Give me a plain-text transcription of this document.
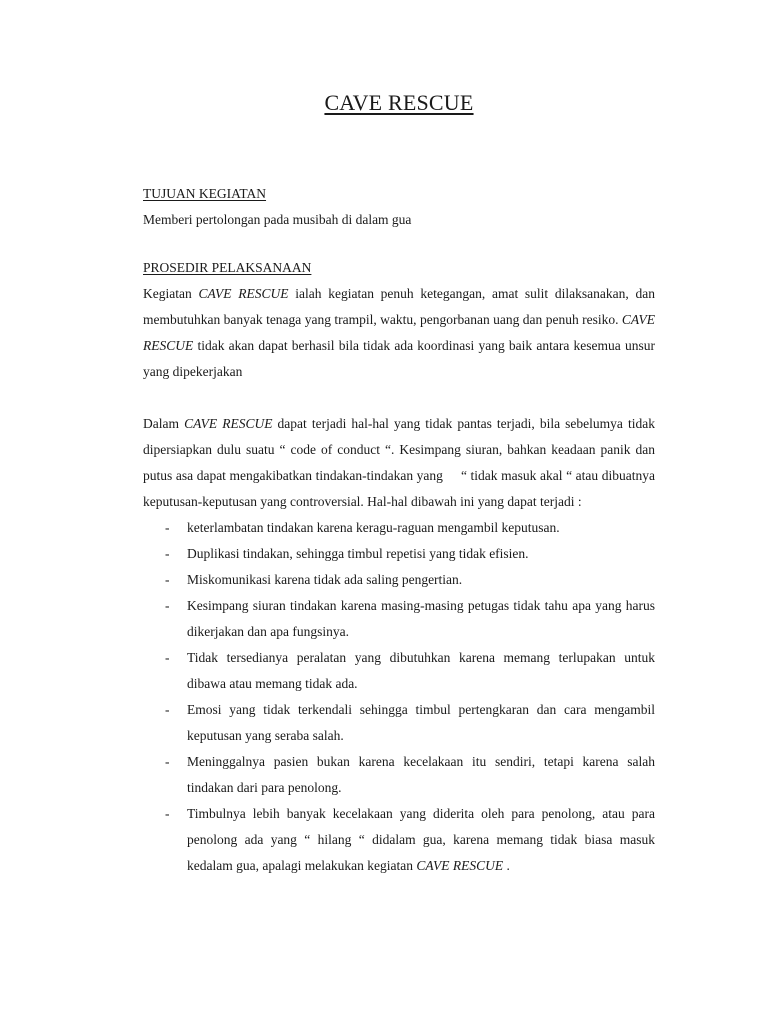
CAVE RESCUE

TUJUAN KEGIATAN

Memberi pertolongan pada musibah di dalam gua

PROSEDIR PELAKSANAAN

Kegiatan CAVE RESCUE ialah kegiatan penuh ketegangan, amat sulit dilaksanakan, dan membutuhkan banyak tenaga yang trampil, waktu, pengorbanan uang dan penuh resiko. CAVE RESCUE tidak akan dapat berhasil bila tidak ada koordinasi yang baik antara kesemua unsur yang dipekerjakan

Dalam CAVE RESCUE dapat terjadi hal-hal yang tidak pantas terjadi, bila sebelumya tidak dipersiapkan dulu suatu “ code of conduct “. Kesimpang siuran, bahkan keadaan panik dan putus asa dapat mengakibatkan tindakan-tindakan yang     “ tidak masuk akal “ atau dibuatnya keputusan-keputusan yang controversial. Hal-hal dibawah ini yang dapat terjadi :

- keterlambatan tindakan karena keragu-raguan mengambil keputusan.
- Duplikasi tindakan, sehingga timbul repetisi yang tidak efisien.
- Miskomunikasi karena tidak ada saling pengertian.
- Kesimpang siuran tindakan karena masing-masing petugas tidak tahu apa yang harus dikerjakan dan apa fungsinya.
- Tidak tersedianya peralatan yang dibutuhkan karena memang terlupakan untuk dibawa atau memang tidak ada.
- Emosi yang tidak terkendali sehingga timbul pertengkaran dan cara mengambil keputusan yang seraba salah.
- Meninggalnya pasien bukan karena kecelakaan itu sendiri, tetapi karena salah tindakan dari para penolong.
- Timbulnya lebih banyak kecelakaan yang diderita oleh para penolong, atau para penolong ada yang “ hilang “ didalam gua, karena memang tidak biasa masuk kedalam gua, apalagi melakukan kegiatan CAVE RESCUE .
